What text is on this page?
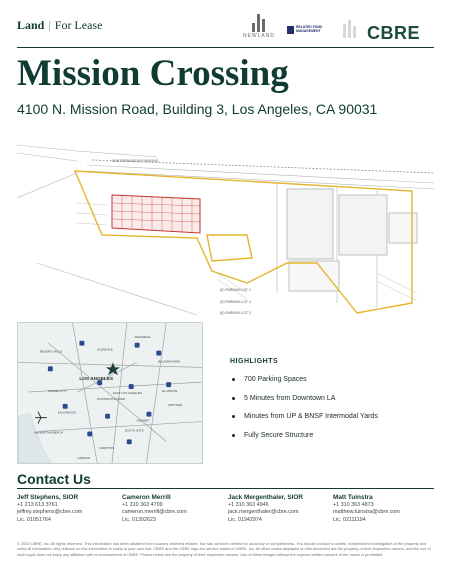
Land | For Lease
NEWLAND
RELATED FUND MANAGEMENT	CBRE
Mission Crossing
4100 N. Mission Road, Building 3, Los Angeles, CA 90031
SUBTERRANEAN PARKING
(E) PARKING LOT 2
(E) PARKING LOT 4
(E) PARKING LOT 3
LOS ANGELES
GLENDALE
PASADENA
BALDWIN PARK
EL MONTE
WHITTIER
DOWNEY
COMPTON
INGLEWOOD
SOUTH GATE
HUNTINGTON PARK
CULVER CITY
BEVERLY HILLS
EAST LOS ANGELES
MANHATTAN BEACH
CARSON
HIGHLIGHTS
700 Parking Spaces
5 Minutes from Downtown LA
Minutes from UP & BNSF Intermodal Yards
Fully Secure Structure
Contact Us
Jeff Stephens, SIOR
+1 213 613 3761
jeffrey.stephens@cbre.com
Lic. 01051764
Cameron Merrill
+1 310 363 4799
cameron.merrill@cbre.com
Lic. 01392623
Jack Mergenthaler, SIOR
+1 310 363 4946
jack.mergenthaler@cbre.com
Lic. 01942974
Matt Tuinstra
+1 310 363 4873
matthew.tuinstra@cbre.com
Lic. 02111194
© 2025 CBRE, Inc. All rights reserved. This information has been obtained from sources believed reliable, but has not been verified for accuracy or completeness. You should conduct a careful, independent investigation of the property and verify all information. Any reliance on this information is solely at your own risk. CBRE and the CBRE logo are service marks of CBRE, Inc. All other marks displayed on this document are the property of their respective owners, and the use of such logos does not imply any affiliation with or endorsement of CBRE. Photos herein are the property of their respective owners. Use of these images without the express written consent of the owner is prohibited.
